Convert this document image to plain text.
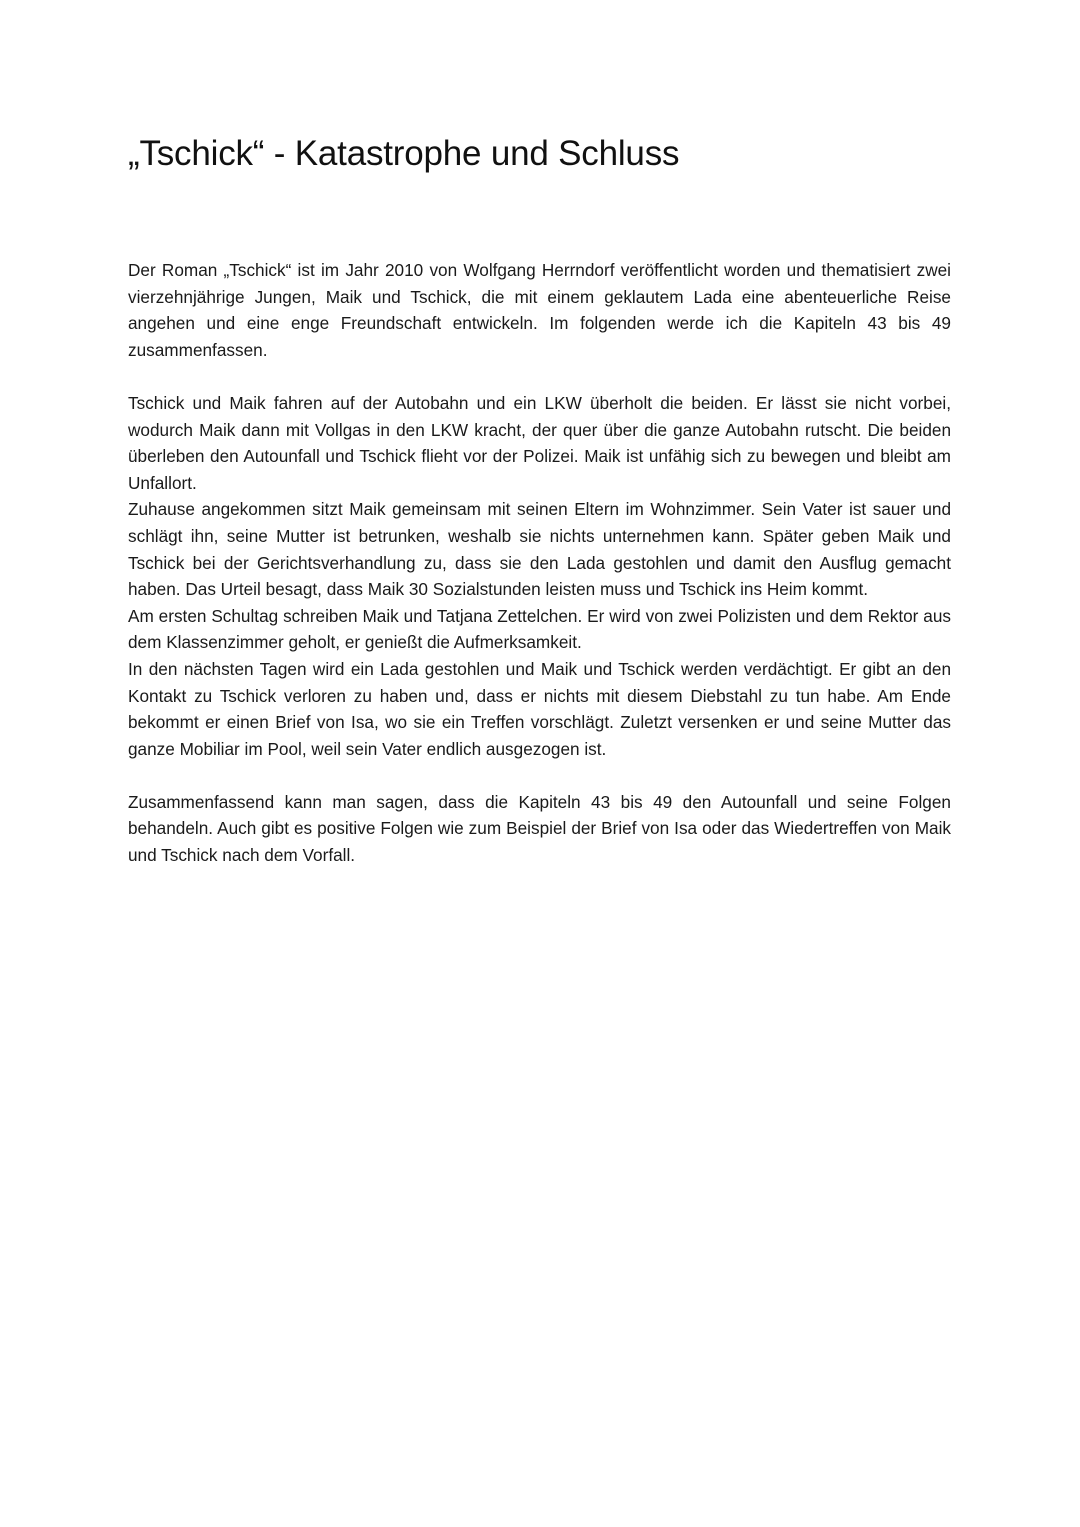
„Tschick“ - Katastrophe und Schluss

Der Roman „Tschick“ ist im Jahr 2010 von Wolfgang Herrndorf veröffentlicht worden und thematisiert zwei vierzehnjährige Jungen, Maik und Tschick, die mit einem geklautem Lada eine abenteuerliche Reise angehen und eine enge Freundschaft entwickeln. Im folgenden werde ich die Kapiteln 43 bis 49 zusammenfassen.

Tschick und Maik fahren auf der Autobahn und ein LKW überholt die beiden. Er lässt sie nicht vorbei, wodurch Maik dann mit Vollgas in den LKW kracht, der quer über die ganze Autobahn rutscht. Die beiden überleben den Autounfall und Tschick flieht vor der Polizei. Maik ist unfähig sich zu bewegen und bleibt am Unfallort.

Zuhause angekommen sitzt Maik gemeinsam mit seinen Eltern im Wohnzimmer. Sein Vater ist sauer und schlägt ihn, seine Mutter ist betrunken, weshalb sie nichts unternehmen kann. Später geben Maik und Tschick bei der Gerichtsverhandlung zu, dass sie den Lada gestohlen und damit den Ausflug gemacht haben. Das Urteil besagt, dass Maik 30 Sozialstunden leisten muss und Tschick ins Heim kommt.

Am ersten Schultag schreiben Maik und Tatjana Zettelchen. Er wird von zwei Polizisten und dem Rektor aus dem Klassenzimmer geholt, er genießt die Aufmerksamkeit.

In den nächsten Tagen wird ein Lada gestohlen und Maik und Tschick werden verdächtigt. Er gibt an den Kontakt zu Tschick verloren zu haben und, dass er nichts mit diesem Diebstahl zu tun habe. Am Ende bekommt er einen Brief von Isa, wo sie ein Treffen vorschlägt. Zuletzt versenken er und seine Mutter das ganze Mobiliar im Pool, weil sein Vater endlich ausgezogen ist.

Zusammenfassend kann man sagen, dass die Kapiteln 43 bis 49 den Autounfall und seine Folgen behandeln. Auch gibt es positive Folgen wie zum Beispiel der Brief von Isa oder das Wiedertreffen von Maik und Tschick nach dem Vorfall.
